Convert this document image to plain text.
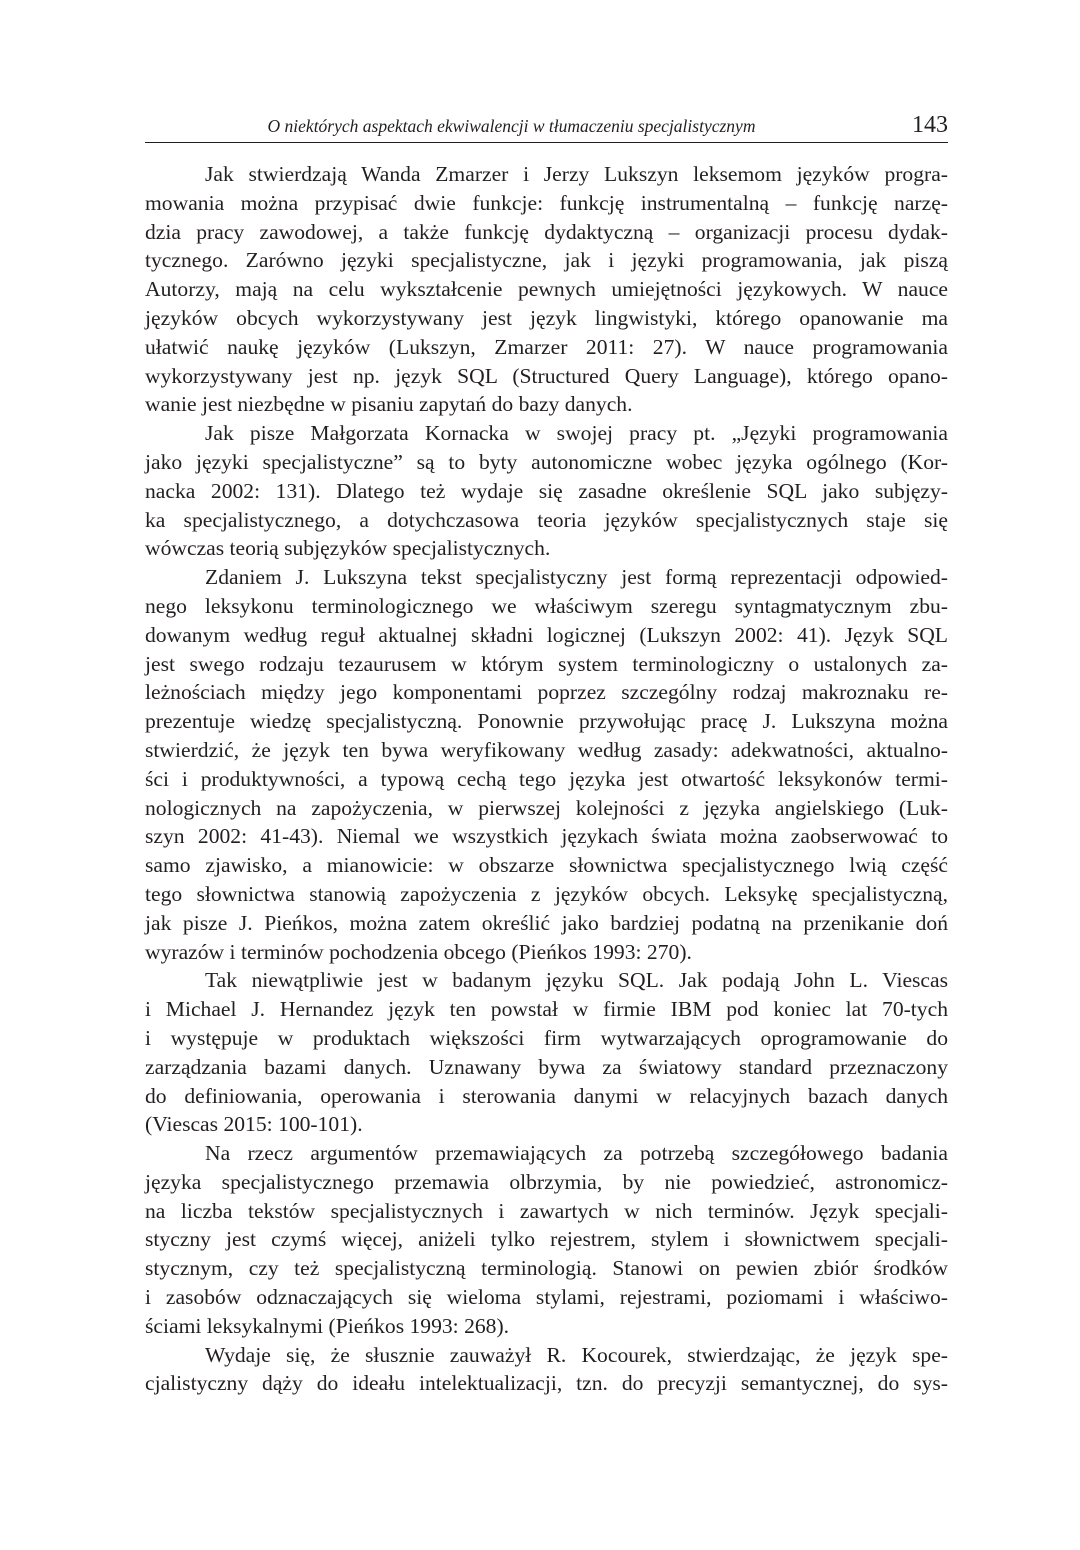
O niektórych aspektach ekwiwalencji w tłumaczeniu specjalistycznym	143
Jak stwierdzają Wanda Zmarzer i Jerzy Lukszyn leksemom języków progra-
mowania można przypisać dwie funkcje: funkcję instrumentalną – funkcję narzę-
dzia pracy zawodowej, a także funkcję dydaktyczną – organizacji procesu dydak-
tycznego. Zarówno języki specjalistyczne, jak i języki programowania, jak piszą
Autorzy, mają na celu wykształcenie pewnych umiejętności językowych. W nauce
języków obcych wykorzystywany jest język lingwistyki, którego opanowanie ma
ułatwić naukę języków (Lukszyn, Zmarzer 2011: 27). W nauce programowania
wykorzystywany jest np. język SQL (Structured Query Language), którego opano-
wanie jest niezbędne w pisaniu zapytań do bazy danych.
Jak pisze Małgorzata Kornacka w swojej pracy pt. „Języki programowania
jako języki specjalistyczne” są to byty autonomiczne wobec języka ogólnego (Kor-
nacka 2002: 131). Dlatego też wydaje się zasadne określenie SQL jako subjęzy-
ka specjalistycznego, a dotychczasowa teoria języków specjalistycznych staje się
wówczas teorią subjęzyków specjalistycznych.
Zdaniem J. Lukszyna tekst specjalistyczny jest formą reprezentacji odpowied-
nego leksykonu terminologicznego we właściwym szeregu syntagmatycznym zbu-
dowanym według reguł aktualnej składni logicznej (Lukszyn 2002: 41). Język SQL
jest swego rodzaju tezaurusem w którym system terminologiczny o ustalonych za-
leżnościach między jego komponentami poprzez szczególny rodzaj makroznaku re-
prezentuje wiedzę specjalistyczną. Ponownie przywołując pracę J. Lukszyna można
stwierdzić, że język ten bywa weryfikowany według zasady: adekwatności, aktualno-
ści i produktywności, a typową cechą tego języka jest otwartość leksykonów termi-
nologicznych na zapożyczenia, w pierwszej kolejności z języka angielskiego (Luk-
szyn 2002: 41-43). Niemal we wszystkich językach świata można zaobserwować to
samo zjawisko, a mianowicie: w obszarze słownictwa specjalistycznego lwią część
tego słownictwa stanowią zapożyczenia z języków obcych. Leksykę specjalistyczną,
jak pisze J. Pieńkos, można zatem określić jako bardziej podatną na przenikanie doń
wyrazów i terminów pochodzenia obcego (Pieńkos 1993: 270).
Tak niewątpliwie jest w badanym języku SQL. Jak podają John L. Viescas
i Michael J. Hernandez język ten powstał w firmie IBM pod koniec lat 70-tych
i występuje w produktach większości firm wytwarzających oprogramowanie do
zarządzania bazami danych. Uznawany bywa za światowy standard przeznaczony
do definiowania, operowania i sterowania danymi w relacyjnych bazach danych
(Viescas 2015: 100-101).
Na rzecz argumentów przemawiających za potrzebą szczegółowego badania
języka specjalistycznego przemawia olbrzymia, by nie powiedzieć, astronomicz-
na liczba tekstów specjalistycznych i zawartych w nich terminów. Język specjali-
styczny jest czymś więcej, aniżeli tylko rejestrem, stylem i słownictwem specjali-
stycznym, czy też specjalistyczną terminologią. Stanowi on pewien zbiór środków
i zasobów odznaczających się wieloma stylami, rejestrami, poziomami i właściwo-
ściami leksykalnymi (Pieńkos 1993: 268).
Wydaje się, że słusznie zauważył R. Kocourek, stwierdzając, że język spe-
cjalistyczny dąży do ideału intelektualizacji, tzn. do precyzji semantycznej, do sys-
